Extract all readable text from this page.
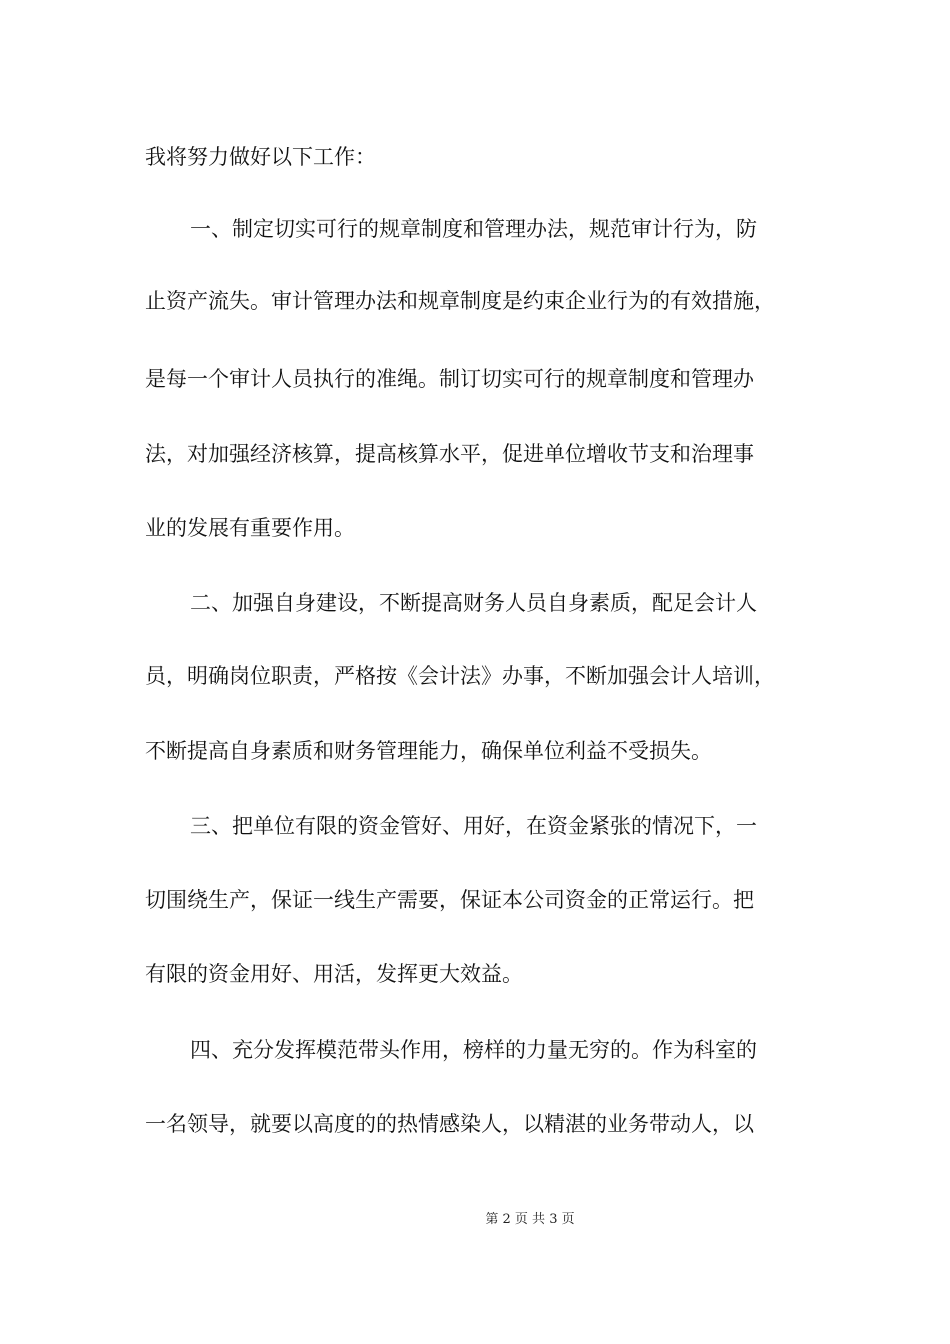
我将努力做好以下工作：
一、制定切实可行的规章制度和管理办法，规范审计行为，防
止资产流失。审计管理办法和规章制度是约束企业行为的有效措施，
是每一个审计人员执行的准绳。制订切实可行的规章制度和管理办
法，对加强经济核算，提高核算水平，促进单位增收节支和治理事
业的发展有重要作用。
二、加强自身建设，不断提高财务人员自身素质，配足会计人
员，明确岗位职责，严格按《会计法》办事，不断加强会计人培训，
不断提高自身素质和财务管理能力，确保单位利益不受损失。
三、把单位有限的资金管好、用好，在资金紧张的情况下，一
切围绕生产，保证一线生产需要，保证本公司资金的正常运行。把
有限的资金用好、用活，发挥更大效益。
四、充分发挥模范带头作用，榜样的力量无穷的。作为科室的
一名领导，就要以高度的的热情感染人，以精湛的业务带动人，以
第 2 页 共 3 页
